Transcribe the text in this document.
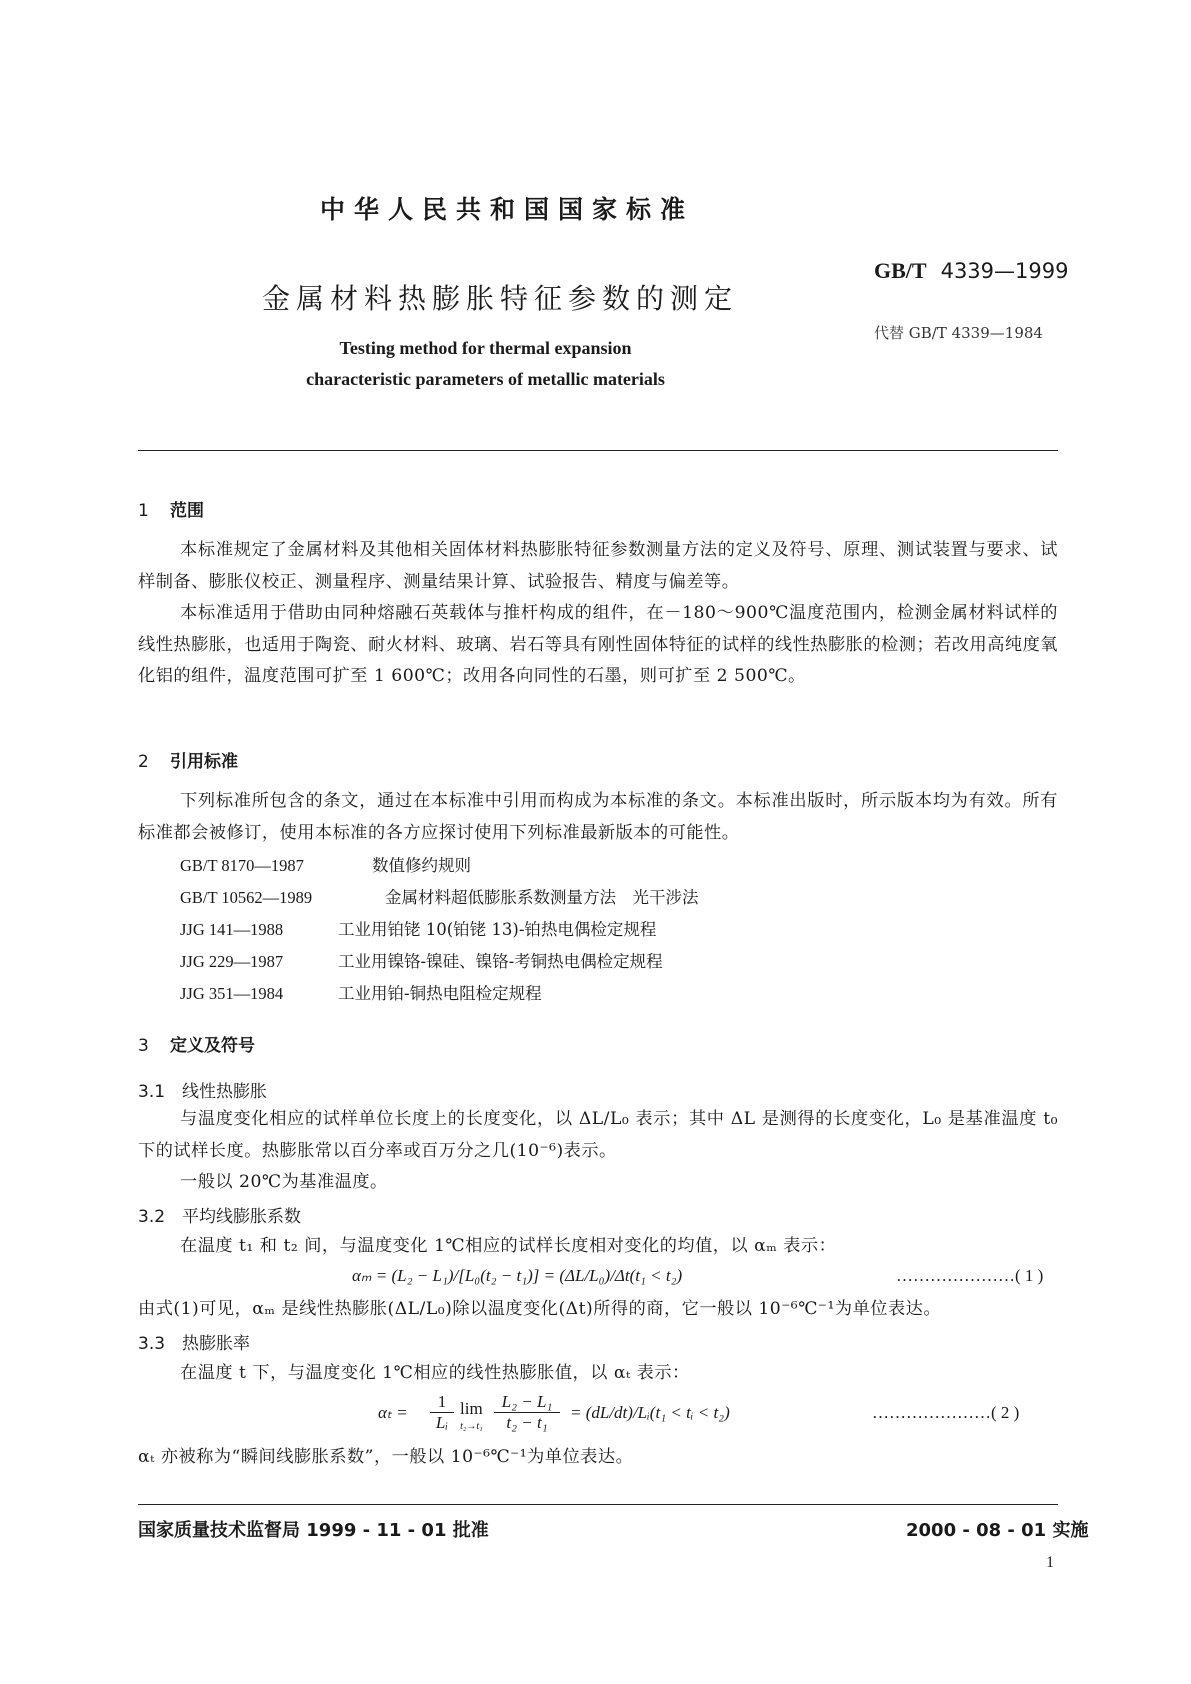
中华人民共和国国家标准
金属材料热膨胀特征参数的测定
GB/T 4339—1999
代替 GB/T 4339—1984
Testing method for thermal expansion
characteristic parameters of metallic materials
1 范围
本标准规定了金属材料及其他相关固体材料热膨胀特征参数测量方法的定义及符号、原理、测试装置与要求、试样制备、膨胀仪校正、测量程序、测量结果计算、试验报告、精度与偏差等。
本标准适用于借助由同种熔融石英载体与推杆构成的组件，在－180～900℃温度范围内，检测金属材料试样的线性热膨胀，也适用于陶瓷、耐火材料、玻璃、岩石等具有刚性固体特征的试样的线性热膨胀的检测；若改用高纯度氧化铝的组件，温度范围可扩至 1 600℃；改用各向同性的石墨，则可扩至 2 500℃。
2 引用标准
下列标准所包含的条文，通过在本标准中引用而构成为本标准的条文。本标准出版时，所示版本均为有效。所有标准都会被修订，使用本标准的各方应探讨使用下列标准最新版本的可能性。
GB/T 8170—1987	数值修约规则
GB/T 10562—1989	金属材料超低膨胀系数测量方法　光干涉法
JJG 141—1988	工业用铂铑 10(铂铑 13)-铂热电偶检定规程
JJG 229—1987	工业用镍铬-镍硅、镍铬-考铜热电偶检定规程
JJG 351—1984	工业用铂-铜热电阻检定规程
3 定义及符号
3.1 线性热膨胀
与温度变化相应的试样单位长度上的长度变化，以 ΔL/L₀ 表示；其中 ΔL 是测得的长度变化，L₀ 是基准温度 t₀ 下的试样长度。热膨胀常以百分率或百万分之几(10⁻⁶)表示。
一般以 20℃为基准温度。
3.2 平均线膨胀系数
在温度 t₁ 和 t₂ 间，与温度变化 1℃相应的试样长度相对变化的均值，以 αₘ 表示：
αₘ = (L₂ − L₁)/[L₀(t₂ − t₁)] = (ΔL/L₀)/Δt(t₁ < t₂)	…………………( 1 )
由式(1)可见，αₘ 是线性热膨胀(ΔL/L₀)除以温度变化(Δt)所得的商，它一般以 10⁻⁶℃⁻¹为单位表达。
3.3 热膨胀率
在温度 t 下，与温度变化 1℃相应的线性热膨胀值，以 αₜ 表示：
$\alpha_t = \frac{1}{\text{Lᵢ}}$ lim
$t_2\to t_1 \frac{\text{L₂ − L₁}}{\text{t₂ − t₁}}$ = (dL/dt)/Lᵢ(t₁ < tᵢ < t₂)	…………………( 2 )
αₜ 亦被称为“瞬间线膨胀系数”，一般以 10⁻⁶℃⁻¹为单位表达。
国家质量技术监督局 1999 - 11 - 01 批准	2000 - 08 - 01 实施
1
